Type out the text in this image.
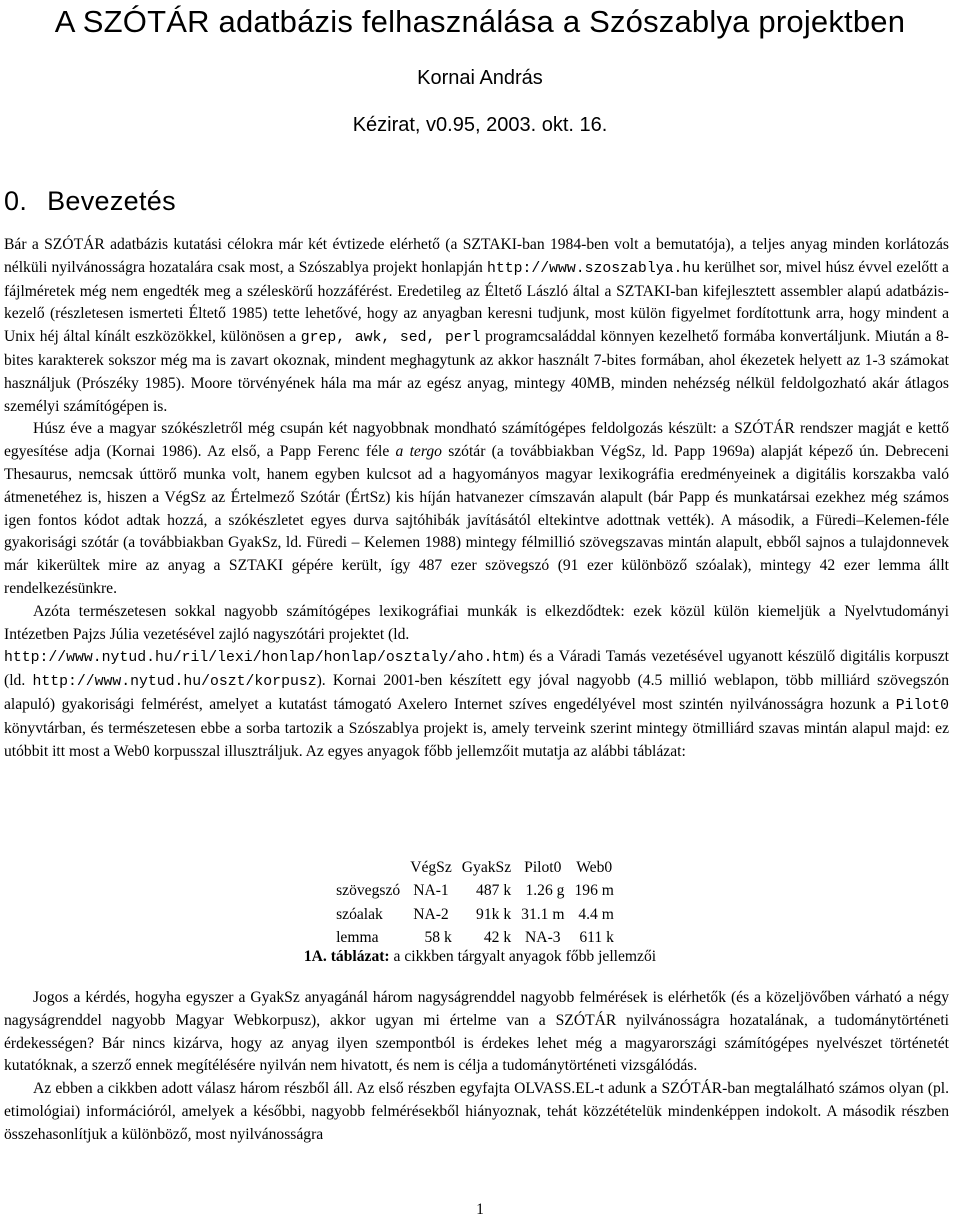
A SZÓTÁR adatbázis felhasználása a Szószablya projektben
Kornai András
Kézirat, v0.95, 2003. okt. 16.
0. Bevezetés

Bár a SZÓTÁR adatbázis kutatási célokra már két évtizede elérhető (a SZTAKI-ban 1984-ben volt a bemutatója), a teljes anyag minden korlátozás nélküli nyilvánosságra hozatalára csak most, a Szószablya projekt honlapján http://www.szoszablya.hu kerülhet sor, mivel húsz évvel ezelőtt a fájlméretek még nem engedték meg a széleskörű hozzáférést. Eredetileg az Éltető László által a SZTAKI-ban kifejlesztett assembler alapú adatbázis-kezelő (részletesen ismerteti Éltető 1985) tette lehetővé, hogy az anyagban keresni tudjunk, most külön figyelmet fordítottunk arra, hogy mindent a Unix héj által kínált eszközökkel, különösen a grep, awk, sed, perl programcsaláddal könnyen kezelhető formába konvertáljunk. Miután a 8-bites karakterek sokszor még ma is zavart okoznak, mindent meghagytunk az akkor használt 7-bites formában, ahol ékezetek helyett az 1-3 számokat használjuk (Prószéky 1985). Moore törvényének hála ma már az egész anyag, mintegy 40MB, minden nehézség nélkül feldolgozható akár átlagos személyi számítógépen is.

Húsz éve a magyar szókészletről még csupán két nagyobbnak mondható számítógépes feldolgozás készült: a SZÓTÁR rendszer magját e kettő egyesítése adja (Kornai 1986). Az első, a Papp Ferenc féle a tergo szótár (a továbbiakban VégSz, ld. Papp 1969a) alapját képező ún. Debreceni Thesaurus, nemcsak úttörő munka volt, hanem egyben kulcsot ad a hagyományos magyar lexikográfia eredményeinek a digitális korszakba való átmenetéhez is, hiszen a VégSz az Értelmező Szótár (ÉrtSz) kis híján hatvanezer címszaván alapult (bár Papp és munkatársai ezekhez még számos igen fontos kódot adtak hozzá, a szókészletet egyes durva sajtóhibák javításától eltekintve adottnak vették). A második, a Füredi–Kelemen-féle gyakorisági szótár (a továbbiakban GyakSz, ld. Füredi – Kelemen 1988) mintegy félmillió szövegszavas mintán alapult, ebből sajnos a tulajdonnevek már kikerültek mire az anyag a SZTAKI gépére került, így 487 ezer szövegszó (91 ezer különböző szóalak), mintegy 42 ezer lemma állt rendelkezésünkre.

Azóta természetesen sokkal nagyobb számítógépes lexikográfiai munkák is elkezdődtek: ezek közül külön kiemeljük a Nyelvtudományi Intézetben Pajzs Júlia vezetésével zajló nagyszótári projektet (ld.
http://www.nytud.hu/ril/lexi/honlap/honlap/osztaly/aho.htm) és a Váradi Tamás vezetésével ugyanott készülő digitális korpuszt (ld. http://www.nytud.hu/oszt/korpusz). Kornai 2001-ben készített egy jóval nagyobb (4.5 millió weblapon, több milliárd szövegszón alapuló) gyakorisági felmérést, amelyet a kutatást támogató Axelero Internet szíves engedélyével most szintén nyilvánosságra hozunk a Pilot0 könyvtárban, és természetesen ebbe a sorba tartozik a Szószablya projekt is, amely terveink szerint mintegy ötmilliárd szavas mintán alapul majd: ez utóbbit itt most a Web0 korpusszal illusztráljuk. Az egyes anyagok főbb jellemzőit mutatja az alábbi táblázat:

	VégSz	GyakSz	Pilot0	Web0
szövegszó	NA-1	487 k	1.26 g	196 m
szóalak	NA-2	91k k	31.1 m	4.4 m
lemma	58 k	42 k	NA-3	611 k
1A. táblázat: a cikkben tárgyalt anyagok főbb jellemzői

Jogos a kérdés, hogyha egyszer a GyakSz anyagánál három nagyságrenddel nagyobb felmérések is elérhetők (és a közeljövőben várható a négy nagyságrenddel nagyobb Magyar Webkorpusz), akkor ugyan mi értelme van a SZÓTÁR nyilvánosságra hozatalának, a tudománytörténeti érdekességen? Bár nincs kizárva, hogy az anyag ilyen szempontból is érdekes lehet még a magyarországi számítógépes nyelvészet történetét kutatóknak, a szerző ennek megítélésére nyilván nem hivatott, és nem is célja a tudománytörténeti vizsgálódás.

Az ebben a cikkben adott válasz három részből áll. Az első részben egyfajta OLVASS.EL-t adunk a SZÓTÁR-ban megtalálható számos olyan (pl. etimológiai) információról, amelyek a későbbi, nagyobb felmérésekből hiányoznak, tehát közzétételük mindenképpen indokolt. A második részben összehasonlítjuk a különböző, most nyilvánosságra

1
